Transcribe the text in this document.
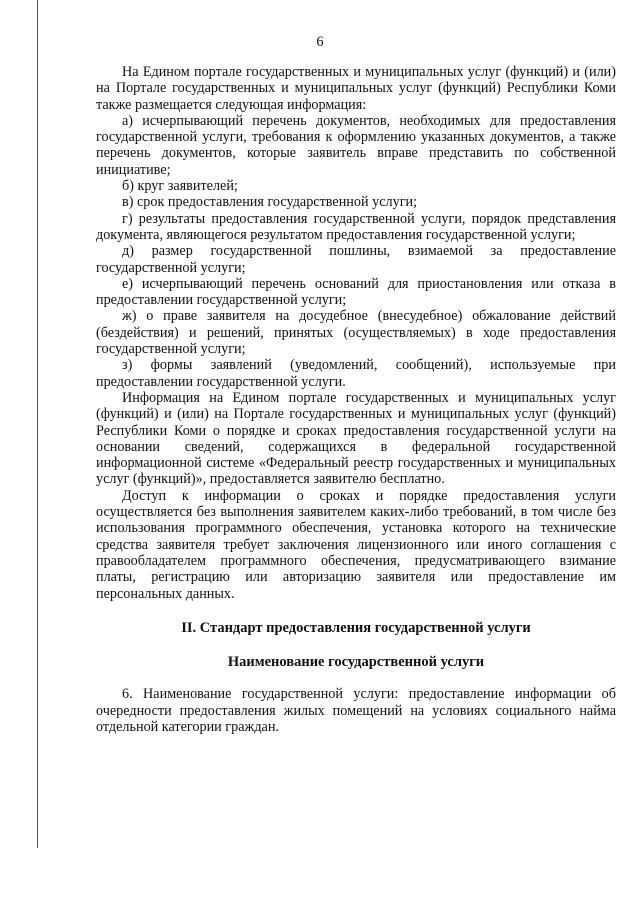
6

На Едином портале государственных и муниципальных услуг (функций) и (или) на Портале государственных и муниципальных услуг (функций) Республики Коми также размещается следующая информация:

а) исчерпывающий перечень документов, необходимых для предоставления государственной услуги, требования к оформлению указанных документов, а также перечень документов, которые заявитель вправе представить по собственной инициативе;

б) круг заявителей;

в) срок предоставления государственной услуги;

г) результаты предоставления государственной услуги, порядок представления документа, являющегося результатом предоставления государственной услуги;

д) размер государственной пошлины, взимаемой за предоставление государственной услуги;

е) исчерпывающий перечень оснований для приостановления или отказа в предоставлении государственной услуги;

ж) о праве заявителя на досудебное (внесудебное) обжалование действий (бездействия) и решений, принятых (осуществляемых) в ходе предоставления государственной услуги;

з) формы заявлений (уведомлений, сообщений), используемые при предоставлении государственной услуги.

Информация на Едином портале государственных и муниципальных услуг (функций) и (или) на Портале государственных и муниципальных услуг (функций) Республики Коми о порядке и сроках предоставления государственной услуги на основании сведений, содержащихся в федеральной государственной информационной системе «Федеральный реестр государственных и муниципальных услуг (функций)», предоставляется заявителю бесплатно.

Доступ к информации о сроках и порядке предоставления услуги осуществляется без выполнения заявителем каких-либо требований, в том числе без использования программного обеспечения, установка которого на технические средства заявителя требует заключения лицензионного или иного соглашения с правообладателем программного обеспечения, предусматривающего взимание платы, регистрацию или авторизацию заявителя или предоставление им персональных данных.

II. Стандарт предоставления государственной услуги

Наименование государственной услуги

6. Наименование государственной услуги: предоставление информации об очередности предоставления жилых помещений на условиях социального найма отдельной категории граждан.
